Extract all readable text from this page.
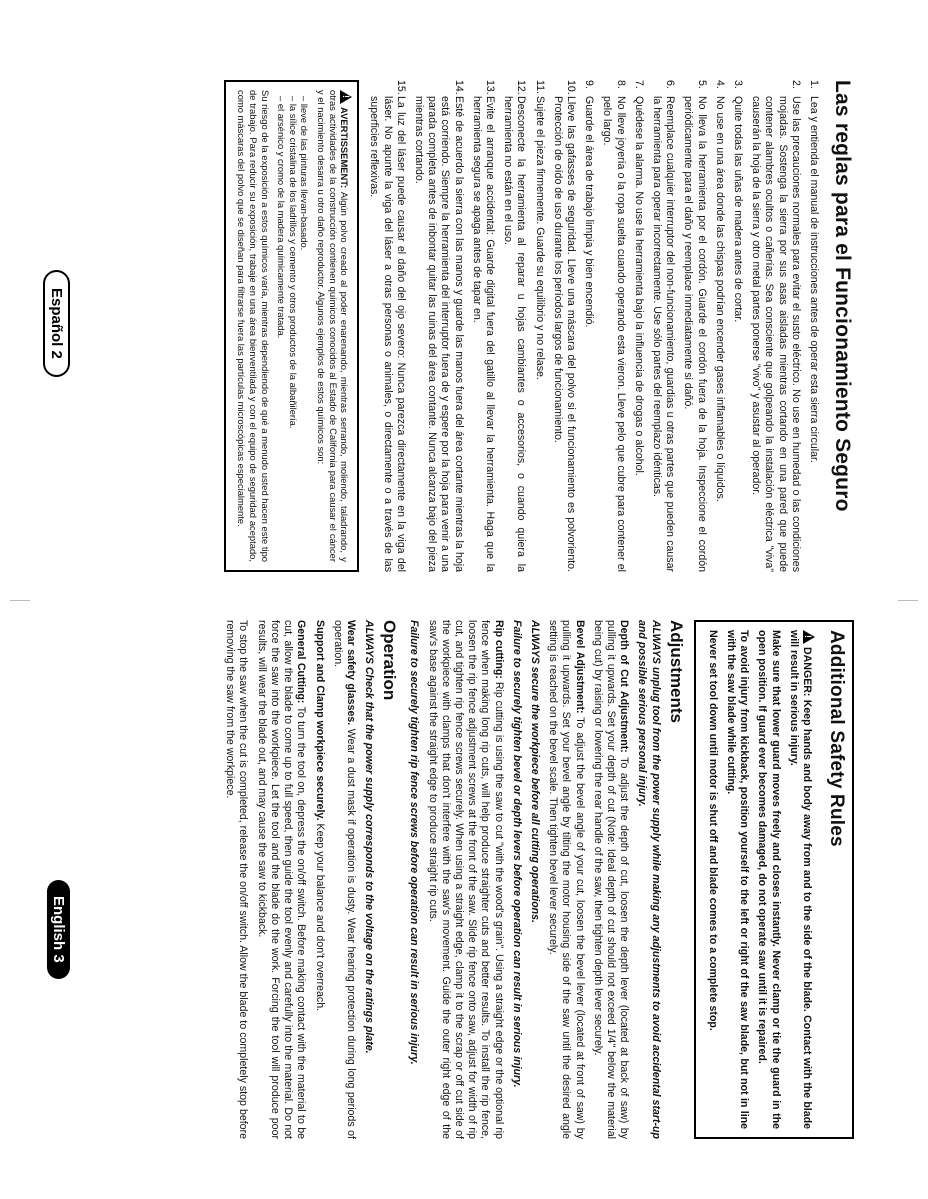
Las reglas para el Funcionamiento Seguro
1.
Lea y entienda el manual de instrucciones antes de operar esta sierra circular.
2.
Use las precauciones normales para evitar el susto eléctrico. No use en humedad o las condiciones mojadas. Sostenga la sierra por sus asas aisladas mientras cortando en una pared que puede contener alambres ocultos o cañerías. Sea consciente que golpeando la instalación eléctrica "viva" causerán la hoja de la sierra y otro metal partes ponerse "vivo" y asustar al operador.
3.
Quite todas las uñas de madera antes de cortar.
4.
No use en una área donde las chispas podrían encender gases inflamables o líquidos.
5.
No lleva la herramienta por el cordón. Guarde el cordón fuera de la hoja. Inspeccione el cordón periódicamente para el daño y reemplace inmediatamente si dañó.
6.
Reemplace cualquier interruptor del non-funcionamiento, guardias u otras partes que pueden causar la herramienta para operar incorrectamente. Use sólo partes del reemplazo idénticas.
7.
Quédese la alarma. No use la herramienta bajo la influencia de drogas o alcohol.
8.
No lleve joyería o la ropa suelta cuando operando esta vieron. Lleve pelo que cubre para contener el pelo largo.
9.
Guarde el área de trabajo limpia y bien encendió.
10.
Lleve las gafasses de seguridad. Lleve una máscara del polvo si el funcionamiento es polvoriento. Protección de oído de uso durante los períodos largos de funcionamiento.
11.
Sujete el pieza firmemente. Guarde su equilibrio y no relase.
12.
Desconecte la herramienta al reparar u hojas cambiantes o accesorios, o cuando quiera la herramienta no están en el uso.
13.
Evite el arranque accidental: Guarde digital fuera del gatillo al llevar la herramienta. Haga que la herramienta segura se apaga antes de tapar en.
14.
Esté de acuerdo la sierra con las manos y guarde las manos fuera del área cortante mientras la hoja está corriendo. Siempre la herramienta del interruptor fuera de y espere por la hoja para venir a una parada completa antes de inbontar quitar las ruinas del área contante. Nunca alcanza bajo del pieza mientras cortando.
15.
La luz del láser puede causar el daño del ojo severo: Nunca parezca directamente en la viga del láser. No apunte la viga del láser a otras personas o animales, o directamente o a través de las superficies reflexivas.

!AVERTISSEMENT: Algún polvo creado al poder enarenando, mientras serrando, moliendo, taladrando, y otras actividades de la construcción contienen químicos conocidos al Estado de California para causar el cáncer y el nacimiento desarra u otro daño reproductor. Algunos ejemplos de estos químicos son:

– lleve de las pinturas llevan-basado.
– la sílice cristalina de los ladrillos y cemento y otros productos de la albañilería.
– el arsénico y cromo de la madera químicamente tratada.

Su riesgo de la exposición a estos químicos varía, mientras dependiendo de qué a menudo usted hacen este tipo de trabajo. Para reducir su exposición, trabaje en una área bienventilada y con el equipo de seguridad aceptado, como máscaras del polvo que se diseñan para filtrarse fuera las partículas microscópicas especialmente.

Additional Safety Rules

!DANGER: Keep hands and body away from and to the side of the blade. Contact with the blade will result in serious injury.

Make sure that lower guard moves freely and closes instantly. Never clamp or tie the guard in the open position. If guard ever becomes damaged, do not operate saw until it is repaired.

To avoid injury from kickback, position yourself to the left or right of the saw blade, but not in line with the saw blade while cutting.

Never set tool down until motor is shut off and blade comes to a complete stop.

Adjustments

ALWAYS unplug tool from the power supply while making any adjustments to avoid accidental start-up and possible serious personal injury.

Depth of Cut Adjustment: To adjust the depth of cut, loosen the depth lever (located at back of saw) by pulling it upwards. Set your depth of cut (Note: Ideal depth of cut should not exceed 1/4" below the material being cut) by raising or lowering the rear handle of the saw, then tighten depth lever securely.

Bevel Adjustment: To adjust the bevel angle of your cut, loosen the bevel lever (located at front of saw) by pulling it upwards. Set your bevel angle by tilting the motor housing side of the saw until the desired angle setting is reached on the bevel scale. Then tighten bevel lever securely.

ALWAYS secure the workpiece before all cutting operations.

Failure to securely tighten bevel or depth levers before operation can result in serious injury.

Rip cutting: Rip cutting is using the saw to cut "with the wood's grain". Using a straight edge or the optional rip fence when making long rip cuts, will help produce straighter cuts and better results. To install the rip fence, loosen the rip fence adjustment screws at the front of the saw. Slide rip fence onto saw, adjust for width of rip cut, and tighten rip fence screws securely. When using a straight edge, clamp it to the scrap or off cut side of the workpiece with clamps that don't interfere with the saw's movement. Guide the outer right edge of the saw's base against the straight edge to produce straight rip cuts.

Failure to securely tighten rip fence screws before operation can result in serious injury.

Operation

ALWAYS Check that the power supply corresponds to the voltage on the ratings plate.

Wear safety glasses. Wear a dust mask if operation is dusty. Wear hearing protection during long periods of operation.

Support and Clamp workpiece securely. Keep your balance and don't overreach.

General Cutting: To turn the tool on, depress the on/off switch. Before making contact with the material to be cut, allow the blade to come up to full speed, then guide the tool evenly and carefully into the material. Do not force the saw into the workpiece. Let the tool and the blade do the work. Forcing the tool will produce poor results, will wear the blade out, and may cause the saw to kickback.

To stop the saw when the cut is completed, release the on/off switch. Allow the blade to completely stop before removing the saw from the workpiece.

Español 2
English 3
